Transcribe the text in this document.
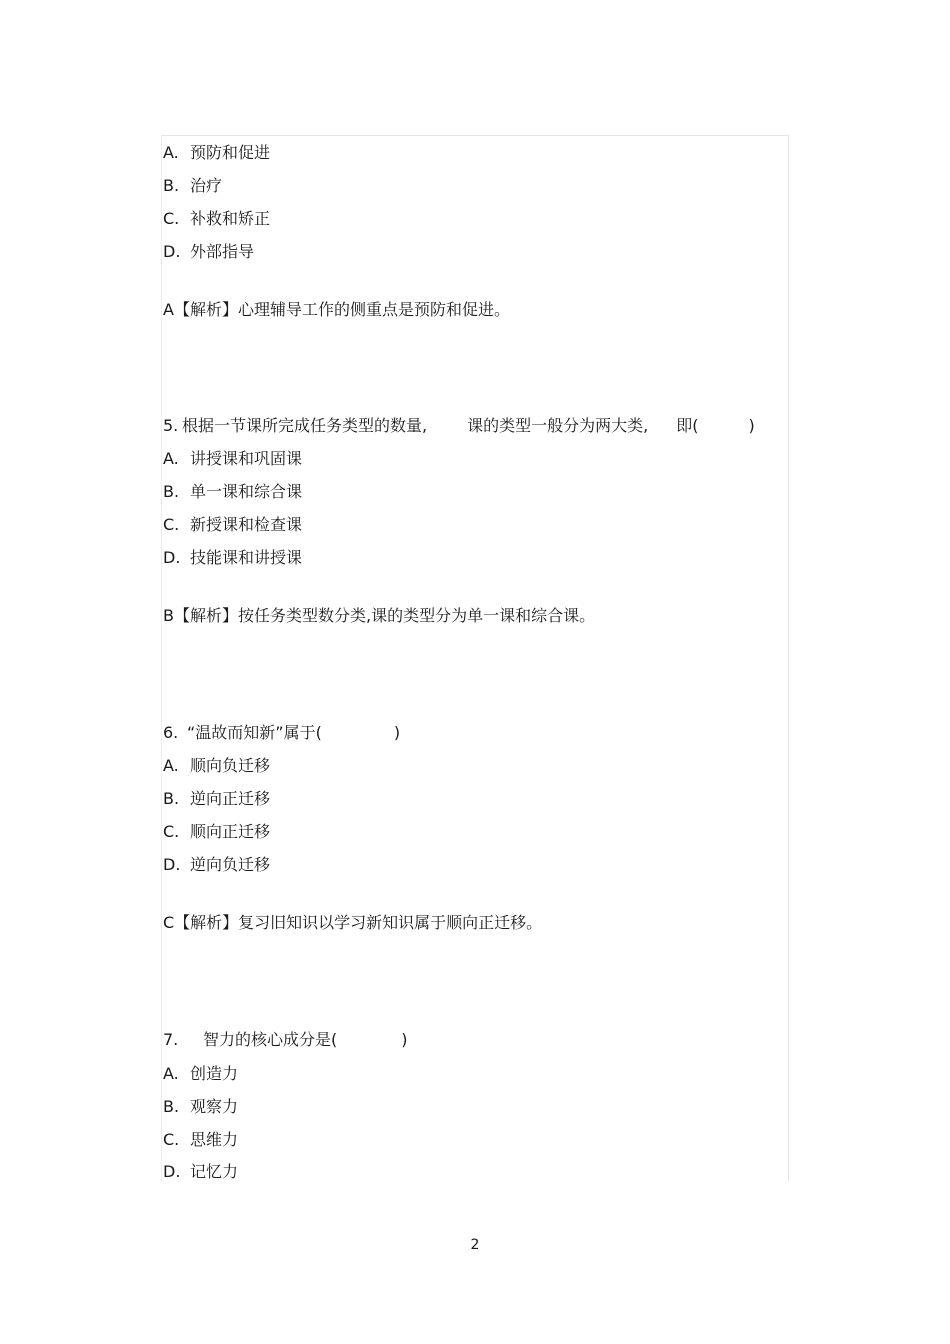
A. 预防和促进
B. 治疗
C. 补救和矫正
D. 外部指导
A【解析】心理辅导工作的侧重点是预防和促进。
5. 根据一节课所完成任务类型的数量,	课的类型一般分为两大类, 即(	)
A. 讲授课和巩固课
B. 单一课和综合课
C. 新授课和检查课
D. 技能课和讲授课
B【解析】按任务类型数分类,课的类型分为单一课和综合课。
6. “温故而知新”属于(	)
A. 顺向负迁移
B. 逆向正迁移
C. 顺向正迁移
D. 逆向负迁移
C【解析】复习旧知识以学习新知识属于顺向正迁移。
7. 智力的核心成分是(	)
A. 创造力
B. 观察力
C. 思维力
D. 记忆力
2
